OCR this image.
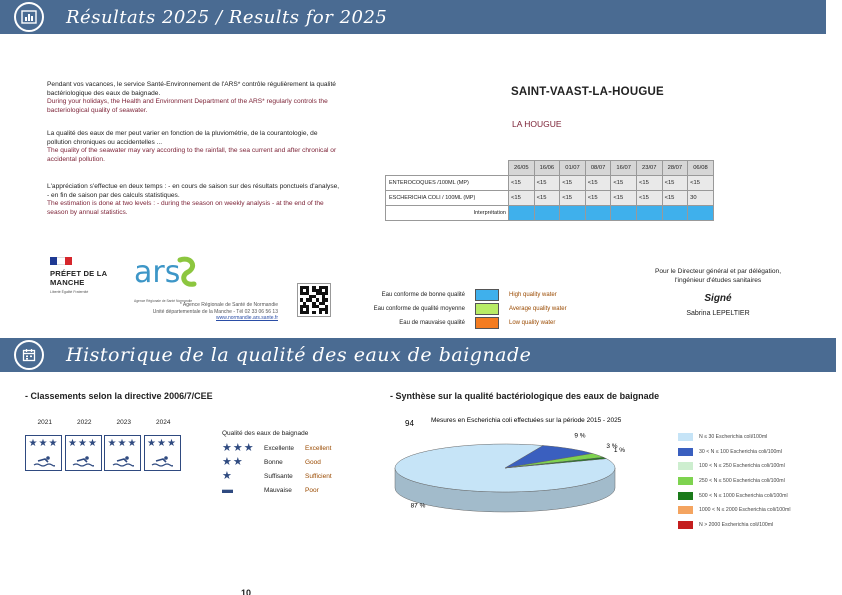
Résultats 2025 / Results for 2025

Pendant vos vacances, le service Santé-Environnement de l'ARS* contrôle régulièrement la qualité bactériologique des eaux de baignade.

During your holidays, the Health and Environment Department of the ARS* regularly controls the bacteriological quality of seawater.

La qualité des eaux de mer peut varier en fonction de la pluviométrie, de la courantologie, de pollution chroniques ou accidentelles ...

The quality of the seawater may vary according to the rainfall, the sea current and after chronical or accidental pollution.

L'appréciation s'effectue en deux temps : - en cours de saison sur des résultats ponctuels d'analyse, - en fin de saison par des calculs statistiques.

The estimation is done at two levels : - during the season on weekly analysis - at the end of the season by annual statistics.

PRÉFET DE LA MANCHE
Liberté Égalité Fraternité
ars
Agence Régionale de Santé Normandie
* Agence Régionale de Santé de Normandie
Unité départementale de la Manche - Tél 02 33 06 56 13
www.normandie.ars.sante.fr
Eau conforme de bonne qualité	High quality water
Eau conforme de qualité moyenne	Average quality water
Eau de mauvaise qualité	Low quality water
SAINT-VAAST-LA-HOUGUE
LA HOUGUE
	26/05	16/06	01/07	08/07	16/07	23/07	28/07	06/08
ENTEROCOQUES /100ML (MP)	<15	<15	<15	<15	<15	<15	<15	<15
ESCHERICHIA COLI / 100ML (MP)	<15	<15	<15	<15	<15	<15	<15	30
Interprétation								
Pour le Directeur général et par délégation,
l'ingénieur d'études sanitaires
Signé
Sabrina LEPELTIER
Historique de la qualité des eaux de baignade
- Classements selon la directive 2006/7/CEE
2021	2022	2023	2024
★★★ ★★★ ★★★ ★★★
Qualité des eaux de baignade
★★★	Excellente	Excellent
★★	Bonne	Good
★	Suffisante	Sufficient
▬	Mauvaise	Poor
- Synthèse sur la qualité bactériologique des eaux de baignade
Mesures en Escherichia coli effectuées sur la période 2015 - 2025
94
87 %
9 %
3 %
1 %
N ≤ 30 Escherichia coli/100ml
30 < N ≤ 100 Escherichia coli/100ml
100 < N ≤ 250 Escherichia coli/100ml
250 < N ≤ 500 Escherichia coli/100ml
500 < N ≤ 1000 Escherichia coli/100ml
1000 < N ≤ 2000 Escherichia coli/100ml
N > 2000 Escherichia coli/100ml
10
